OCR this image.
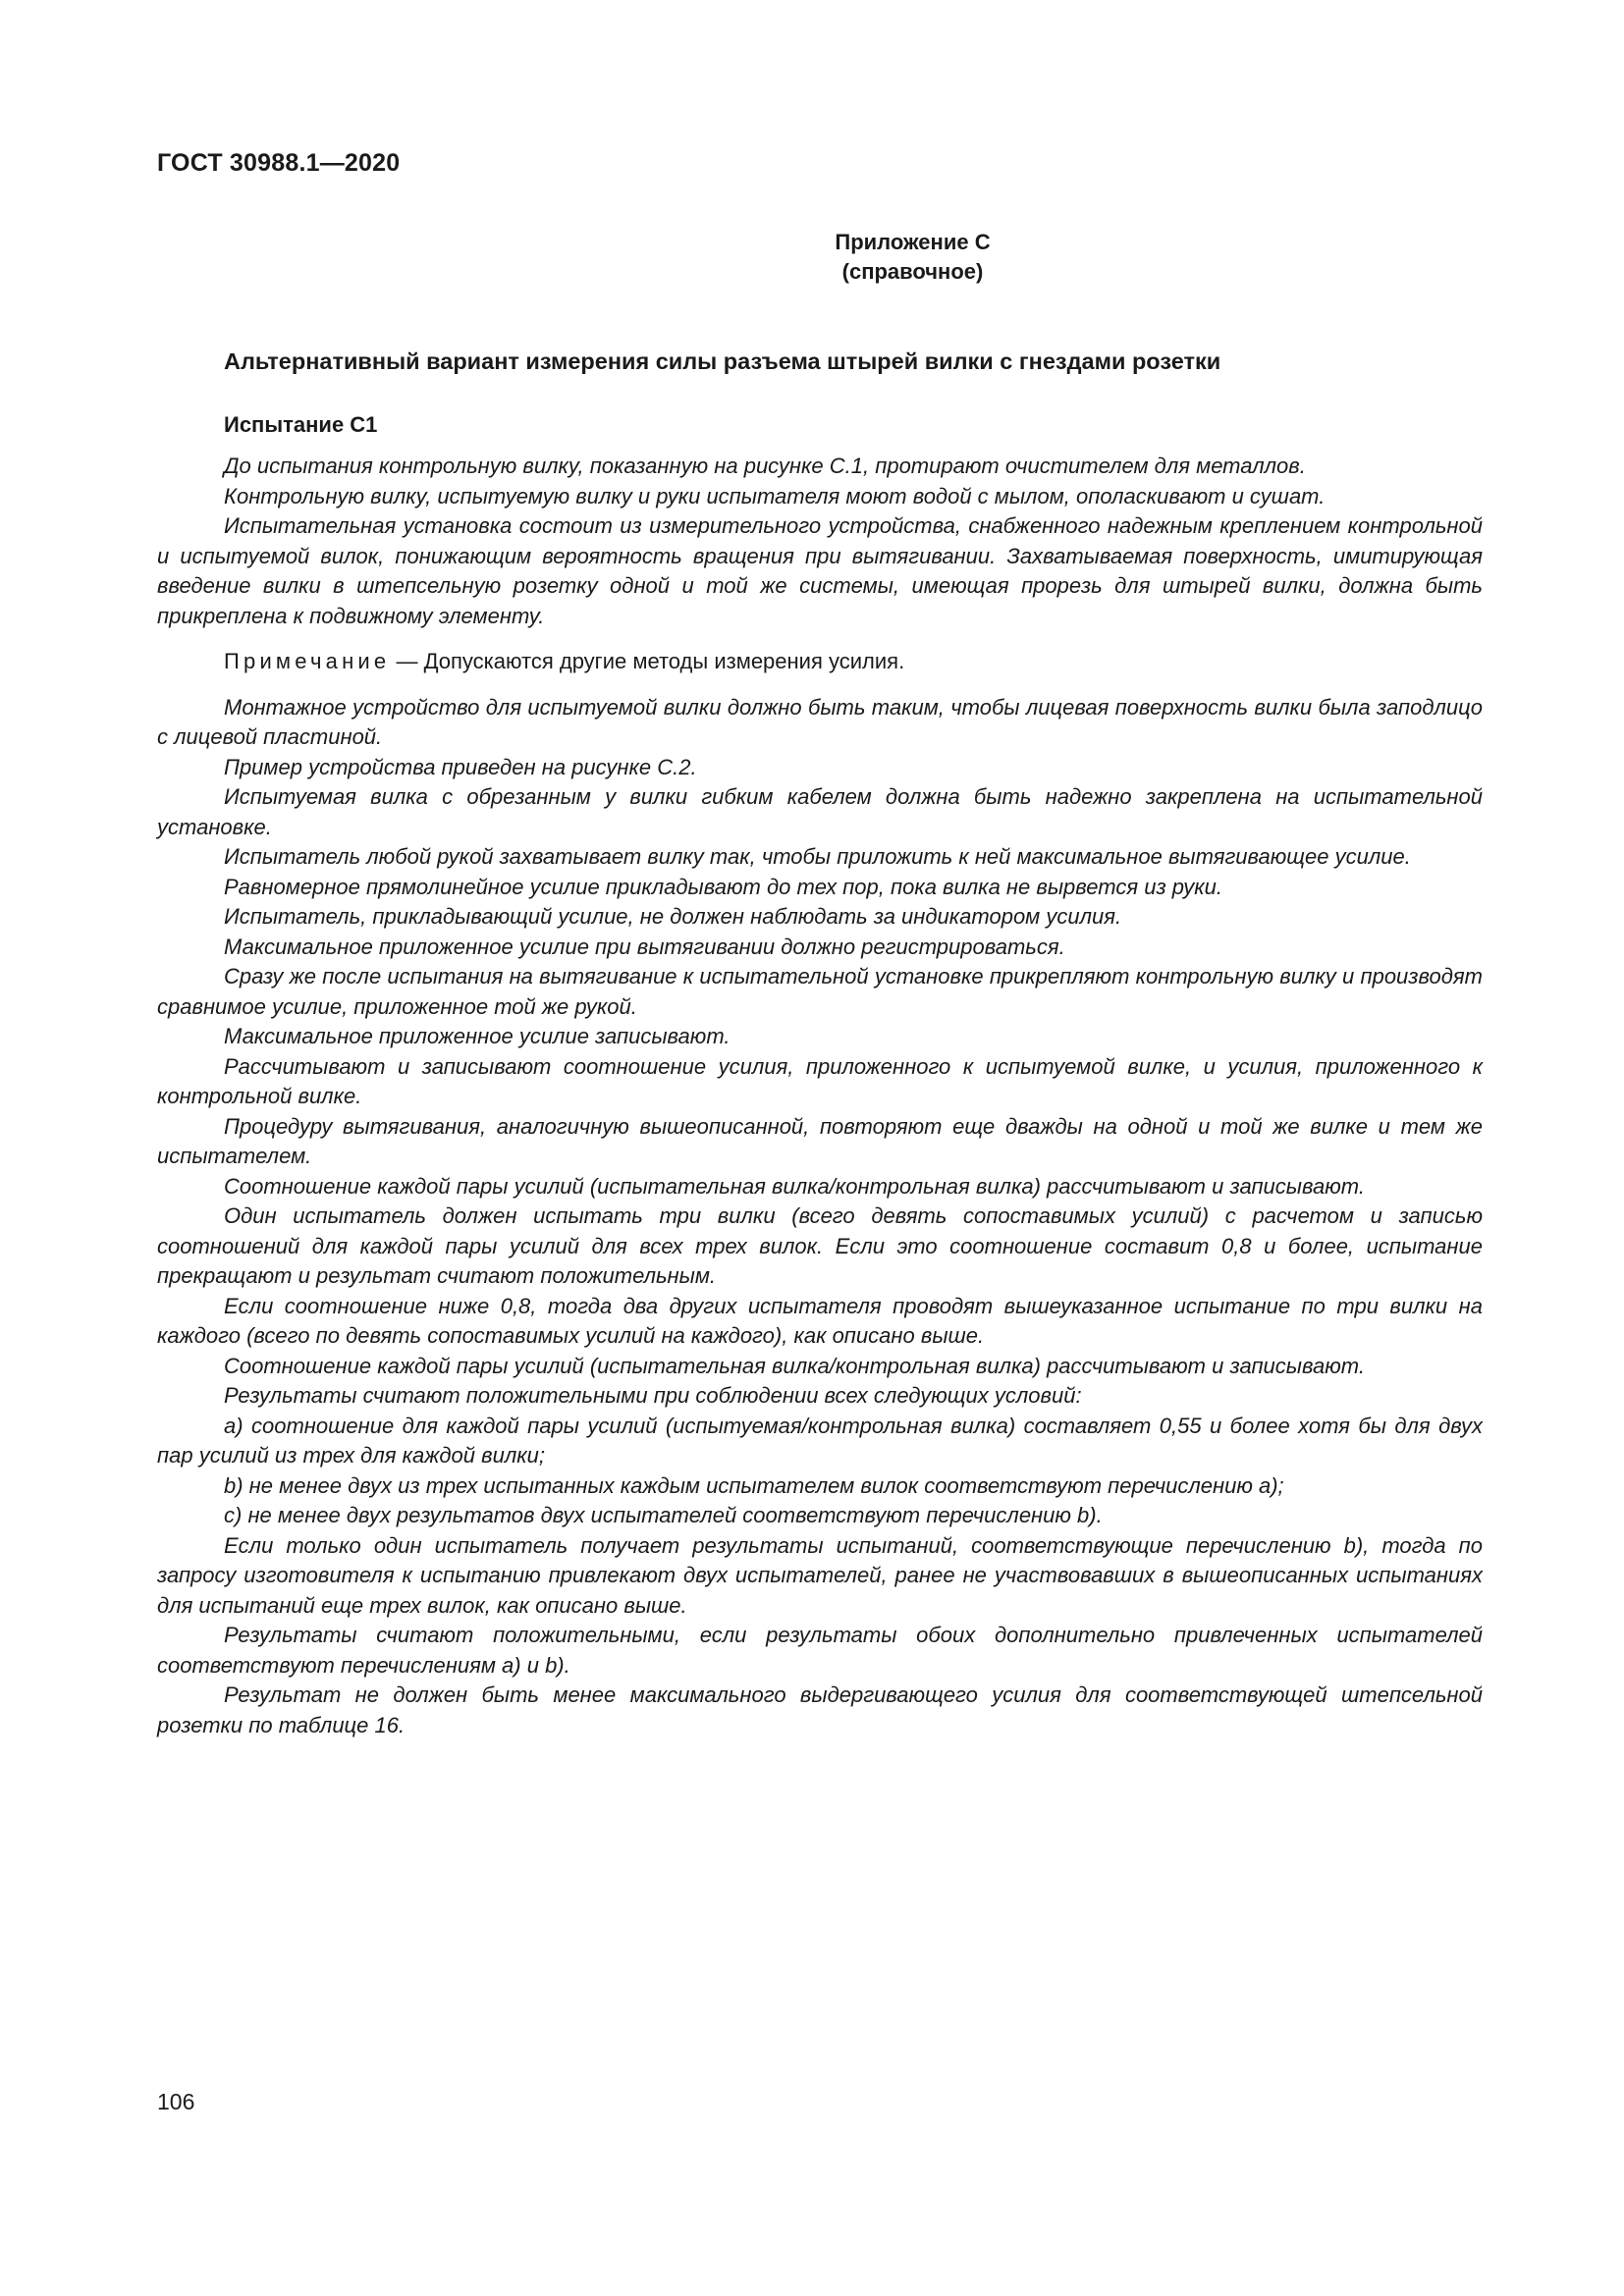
ГОСТ 30988.1—2020
Приложение С
(справочное)
Альтернативный вариант измерения силы разъема штырей вилки с гнездами розетки
Испытание С1

До испытания контрольную вилку, показанную на рисунке С.1, протирают очистителем для металлов.

Контрольную вилку, испытуемую вилку и руки испытателя моют водой с мылом, ополаскивают и сушат.

Испытательная установка состоит из измерительного устройства, снабженного надежным креплением контрольной и испытуемой вилок, понижающим вероятность вращения при вытягивании. Захватываемая поверхность, имитирующая введение вилки в штепсельную розетку одной и той же системы, имеющая прорезь для штырей вилки, должна быть прикреплена к подвижному элементу.

Примечание — Допускаются другие методы измерения усилия.

Монтажное устройство для испытуемой вилки должно быть таким, чтобы лицевая поверхность вилки была заподлицо с лицевой пластиной.

Пример устройства приведен на рисунке С.2.

Испытуемая вилка с обрезанным у вилки гибким кабелем должна быть надежно закреплена на испытательной установке.

Испытатель любой рукой захватывает вилку так, чтобы приложить к ней максимальное вытягивающее усилие.

Равномерное прямолинейное усилие прикладывают до тех пор, пока вилка не вырвется из руки.

Испытатель, прикладывающий усилие, не должен наблюдать за индикатором усилия.

Максимальное приложенное усилие при вытягивании должно регистрироваться.

Сразу же после испытания на вытягивание к испытательной установке прикрепляют контрольную вилку и производят сравнимое усилие, приложенное той же рукой.

Максимальное приложенное усилие записывают.

Рассчитывают и записывают соотношение усилия, приложенного к испытуемой вилке, и усилия, приложенного к контрольной вилке.

Процедуру вытягивания, аналогичную вышеописанной, повторяют еще дважды на одной и той же вилке и тем же испытателем.

Соотношение каждой пары усилий (испытательная вилка/контрольная вилка) рассчитывают и записывают.

Один испытатель должен испытать три вилки (всего девять сопоставимых усилий) с расчетом и записью соотношений для каждой пары усилий для всех трех вилок. Если это соотношение составит 0,8 и более, испытание прекращают и результат считают положительным.

Если соотношение ниже 0,8, тогда два других испытателя проводят вышеуказанное испытание по три вилки на каждого (всего по девять сопоставимых усилий на каждого), как описано выше.

Соотношение каждой пары усилий (испытательная вилка/контрольная вилка) рассчитывают и записывают.

Результаты считают положительными при соблюдении всех следующих условий:

a) соотношение для каждой пары усилий (испытуемая/контрольная вилка) составляет 0,55 и более хотя бы для двух пар усилий из трех для каждой вилки;

b) не менее двух из трех испытанных каждым испытателем вилок соответствуют перечислению а);

c) не менее двух результатов двух испытателей соответствуют перечислению b).

Если только один испытатель получает результаты испытаний, соответствующие перечислению b), тогда по запросу изготовителя к испытанию привлекают двух испытателей, ранее не участвовавших в вышеописанных испытаниях для испытаний еще трех вилок, как описано выше.

Результаты считают положительными, если результаты обоих дополнительно привлеченных испытателей соответствуют перечислениям а) и b).

Результат не должен быть менее максимального выдергивающего усилия для соответствующей штепсельной розетки по таблице 16.

106
